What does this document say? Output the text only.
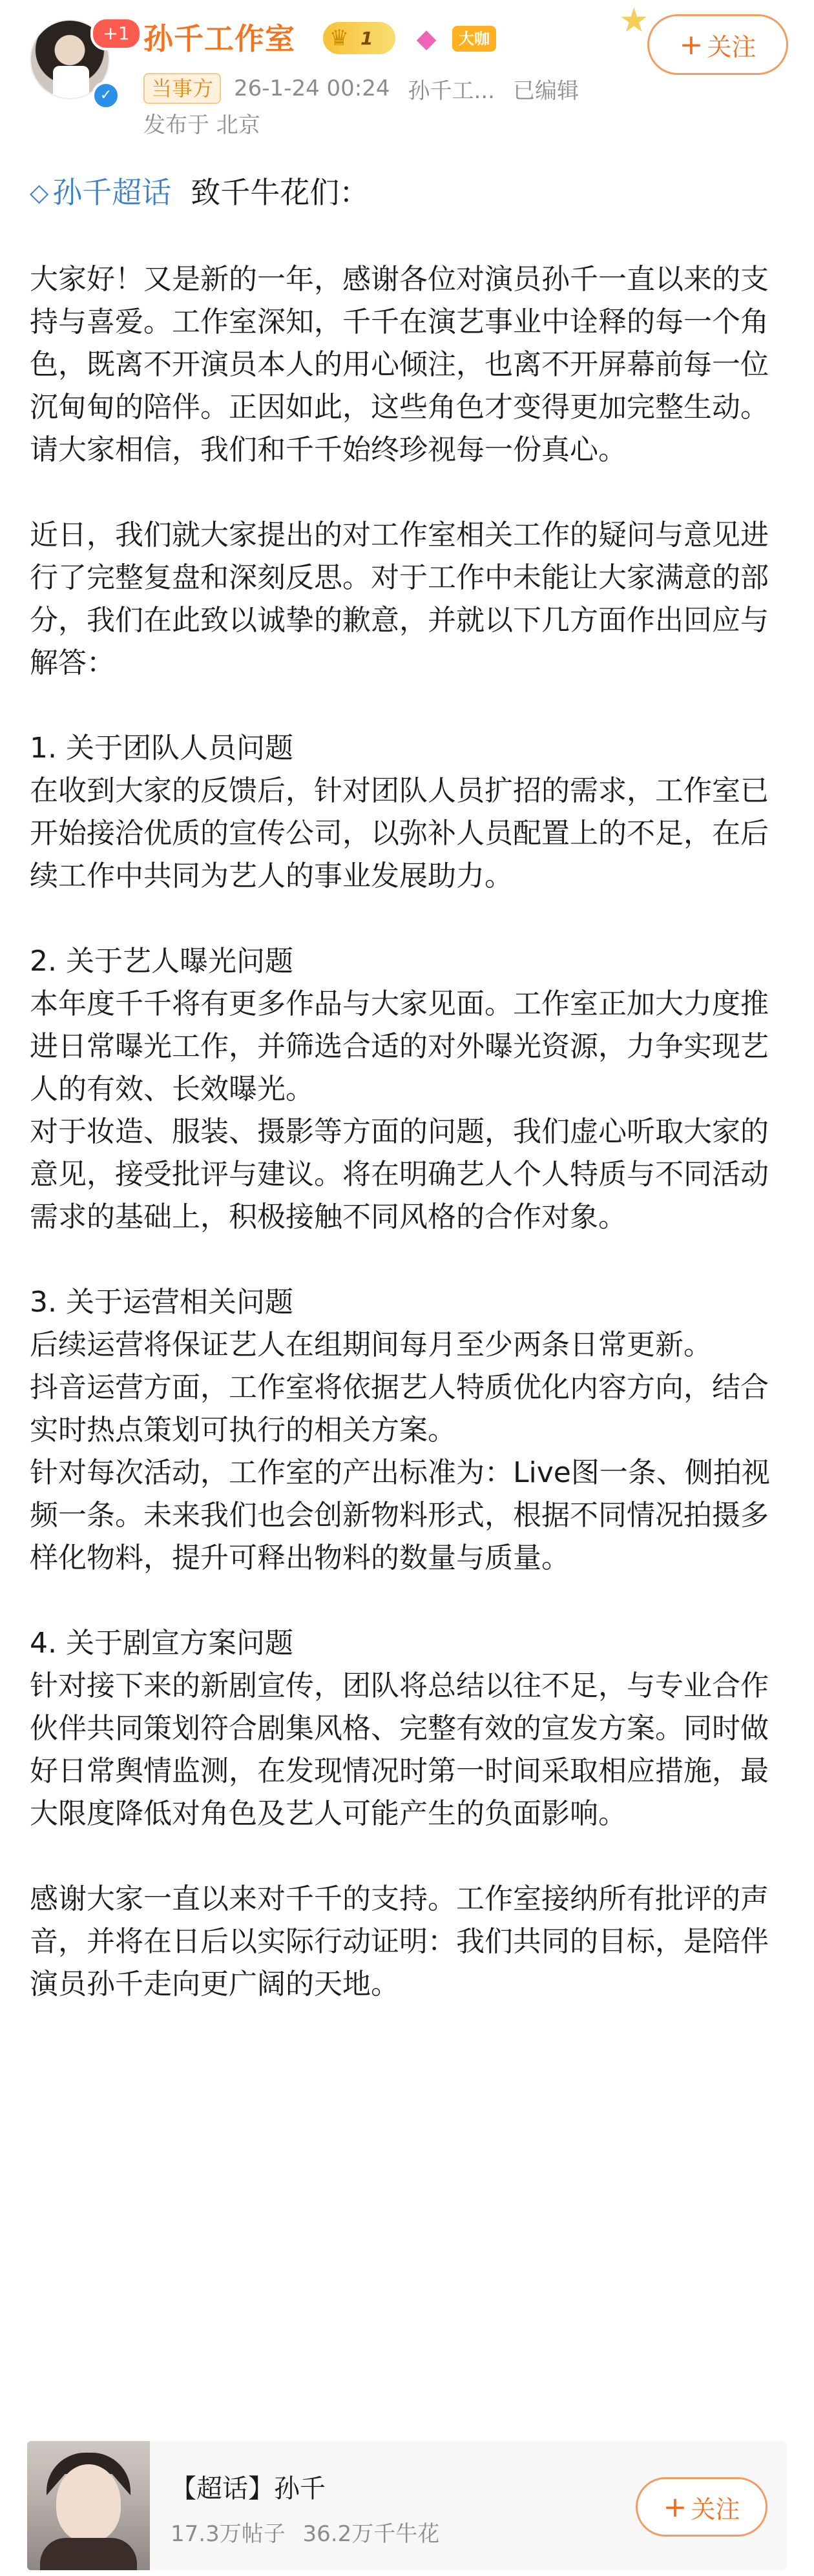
+1
✓
孙千工作室 ♛ 1 ◆	大咖	★
+ 关注
当事方 26-1-24 00:24 孙千工... 已编辑
发布于 北京
◇ 孙千超话 致千牛花们：

大家好！又是新的一年，感谢各位对演员孙千一直以来的支持与喜爱。工作室深知，千千在演艺事业中诠释的每一个角色，既离不开演员本人的用心倾注，也离不开屏幕前每一位沉甸甸的陪伴。正因如此，这些角色才变得更加完整生动。请大家相信，我们和千千始终珍视每一份真心。

近日，我们就大家提出的对工作室相关工作的疑问与意见进行了完整复盘和深刻反思。对于工作中未能让大家满意的部分，我们在此致以诚挚的歉意，并就以下几方面作出回应与解答：

1. 关于团队人员问题
在收到大家的反馈后，针对团队人员扩招的需求，工作室已开始接洽优质的宣传公司，以弥补人员配置上的不足，在后续工作中共同为艺人的事业发展助力。

2. 关于艺人曝光问题
本年度千千将有更多作品与大家见面。工作室正加大力度推进日常曝光工作，并筛选合适的对外曝光资源，力争实现艺人的有效、长效曝光。
对于妆造、服装、摄影等方面的问题，我们虚心听取大家的意见，接受批评与建议。将在明确艺人个人特质与不同活动需求的基础上，积极接触不同风格的合作对象。

3. 关于运营相关问题
后续运营将保证艺人在组期间每月至少两条日常更新。
抖音运营方面，工作室将依据艺人特质优化内容方向，结合实时热点策划可执行的相关方案。
针对每次活动，工作室的产出标准为：Live图一条、侧拍视频一条。未来我们也会创新物料形式，根据不同情况拍摄多样化物料，提升可释出物料的数量与质量。

4. 关于剧宣方案问题
针对接下来的新剧宣传，团队将总结以往不足，与专业合作伙伴共同策划符合剧集风格、完整有效的宣发方案。同时做好日常舆情监测，在发现情况时第一时间采取相应措施，最大限度降低对角色及艺人可能产生的负面影响。

感谢大家一直以来对千千的支持。工作室接纳所有批评的声音，并将在日后以实际行动证明：我们共同的目标，是陪伴演员孙千走向更广阔的天地。

【超话】孙千
17.3万帖子 36.2万千牛花
+ 关注
